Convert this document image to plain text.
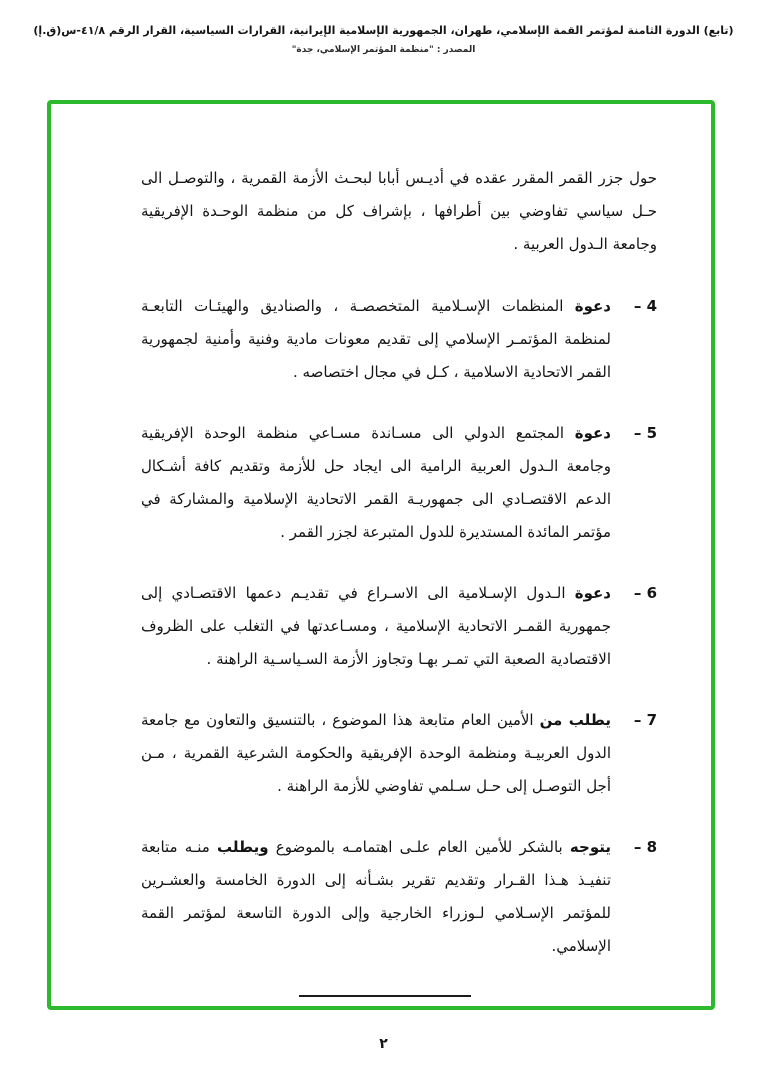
(تابع) الدورة الثامنة لمؤتمر القمة الإسلامي، طهران، الجمهورية الإسلامية الإيرانية، القرارات السياسية، القرار الرقم ٤١/٨-س(ق.إ)
المصدر : "منظمة المؤتمر الإسلامي، جدة"

حول جزر القمر المقرر عقده في أديـس أبابا لبحـث الأزمة القمرية ، والتوصـل الى حـل سياسي تفاوضي بين أطرافها ، بإشراف كل من منظمة الوحـدة الإفريقية وجامعة الـدول العربية .

4 –

دعوة المنظمات الإسـلامية المتخصصـة ، والصناديق والهيئـات التابعـة لمنظمة المؤتمـر الإسلامي إلى تقديم معونات مادية وفنية وأمنية لجمهورية القمر الاتحادية الاسلامية ، كـل في مجال اختصاصه .

5 –

دعوة المجتمع الدولي الى مسـاندة مسـاعي منظمة الوحدة الإفريقية وجامعة الـدول العربية الرامية الى ايجاد حل للأزمة وتقديم كافة أشـكال الدعم الاقتصـادي الى جمهوريـة القمر الاتحادية الإسلامية والمشاركة في مؤتمر المائدة المستديرة للدول المتبرعة لجزر القمر .

6 –

دعوة الـدول الإسـلامية الى الاسـراع في تقديـم دعمها الاقتصـادي إلى جمهورية القمـر الاتحادية الإسلامية ، ومسـاعدتها في التغلب على الظروف الاقتصادية الصعبة التي تمـر بهـا وتجاوز الأزمة السـياسـية الراهنة .

7 –

يطلب من الأمين العام متابعة هذا الموضوع ، بالتنسيق والتعاون مع جامعة الدول العربيـة ومنظمة الوحدة الإفريقية والحكومة الشرعية القمرية ، مـن أجل التوصـل إلى حـل سـلمي تفاوضي للأزمة الراهنة .

8 –

يتوجه بالشكر للأمين العام علـى اهتمامـه بالموضوع ويطلب منـه متابعة تنفيـذ هـذا القـرار وتقديم تقرير بشـأنه إلى الدورة الخامسة والعشـرين للمؤتمر الإسـلامي لـوزراء الخارجية وإلى الدورة التاسعة لمؤتمر القمة الإسلامي.

٢
